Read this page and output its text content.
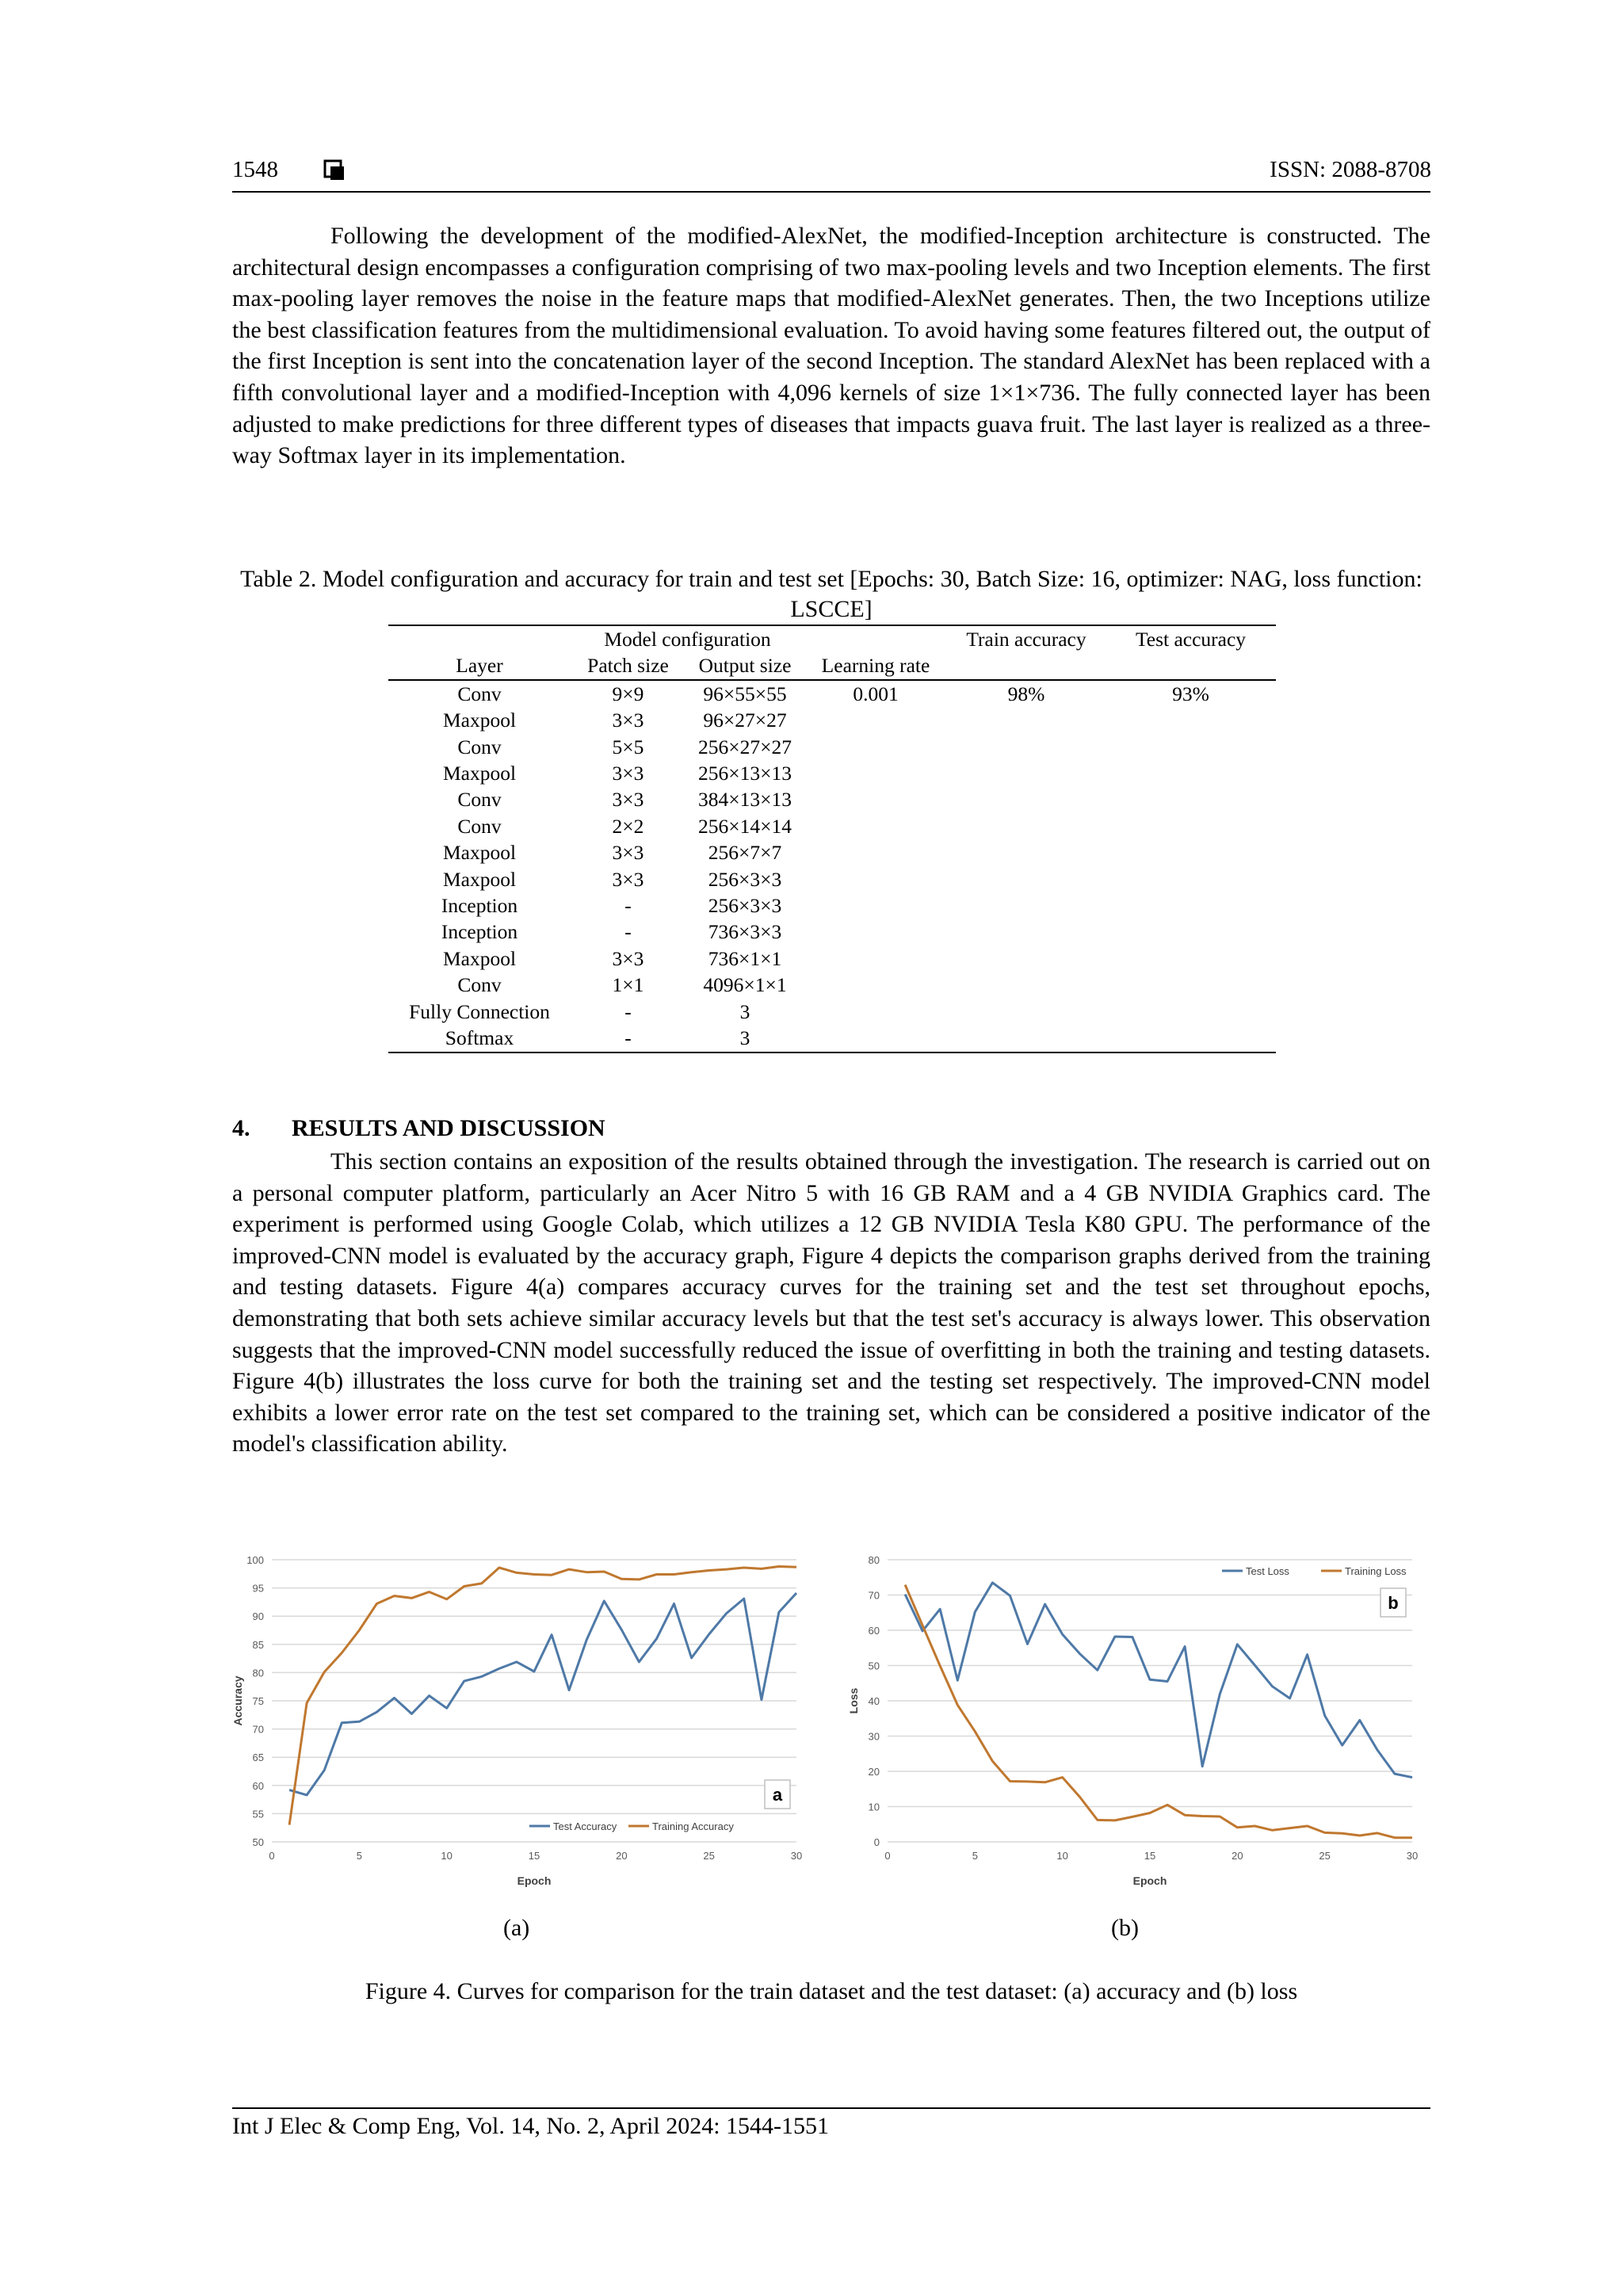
1548	ISSN: 2088-8708

Following the development of the modified-AlexNet, the modified-Inception architecture is constructed. The architectural design encompasses a configuration comprising of two max-pooling levels and two Inception elements. The first max-pooling layer removes the noise in the feature maps that modified-AlexNet generates. Then, the two Inceptions utilize the best classification features from the multidimensional evaluation. To avoid having some features filtered out, the output of the first Inception is sent into the concatenation layer of the second Inception. The standard AlexNet has been replaced with a fifth convolutional layer and a modified-Inception with 4,096 kernels of size 1×1×736. The fully connected layer has been adjusted to make predictions for three different types of diseases that impacts guava fruit. The last layer is realized as a three-way Softmax layer in its implementation.

Table 2. Model configuration and accuracy for train and test set [Epochs: 30, Batch Size: 16, optimizer: NAG, loss function: LSCCE]
	Model configuration			Train accuracy	Test accuracy
Layer	Patch size	Output size	Learning rate		
Conv	9×9	96×55×55	0.001	98%	93%
Maxpool	3×3	96×27×27			
Conv	5×5	256×27×27			
Maxpool	3×3	256×13×13			
Conv	3×3	384×13×13			
Conv	2×2	256×14×14			
Maxpool	3×3	256×7×7			
Maxpool	3×3	256×3×3			
Inception	-	256×3×3			
Inception	-	736×3×3			
Maxpool	3×3	736×1×1			
Conv	1×1	4096×1×1			
Fully Connection	-	3			
Softmax	-	3			
4. RESULTS AND DISCUSSION

This section contains an exposition of the results obtained through the investigation. The research is carried out on a personal computer platform, particularly an Acer Nitro 5 with 16 GB RAM and a 4 GB NVIDIA Graphics card. The experiment is performed using Google Colab, which utilizes a 12 GB NVIDIA Tesla K80 GPU. The performance of the improved-CNN model is evaluated by the accuracy graph, Figure 4 depicts the comparison graphs derived from the training and testing datasets. Figure 4(a) compares accuracy curves for the training set and the test set throughout epochs, demonstrating that both sets achieve similar accuracy levels but that the test set's accuracy is always lower. This observation suggests that the improved-CNN model successfully reduced the issue of overfitting in both the training and testing datasets. Figure 4(b) illustrates the loss curve for both the training set and the testing set respectively. The improved-CNN model exhibits a lower error rate on the test set compared to the training set, which can be considered a positive indicator of the model's classification ability.

50
55
60
65
70
75
80
85
90
95
100
0	5	10	15	20	25	30
Epoch
Accuracy
a
Test Accuracy	Training Accuracy
0
10
20
30
40
50
60
70
80
0	5	10	15	20	25	30
Epoch
Loss
b
Test Loss	Training Loss
(a)	(b)
Figure 4. Curves for comparison for the train dataset and the test dataset: (a) accuracy and (b) loss
Int J Elec & Comp Eng, Vol. 14, No. 2, April 2024: 1544-1551
